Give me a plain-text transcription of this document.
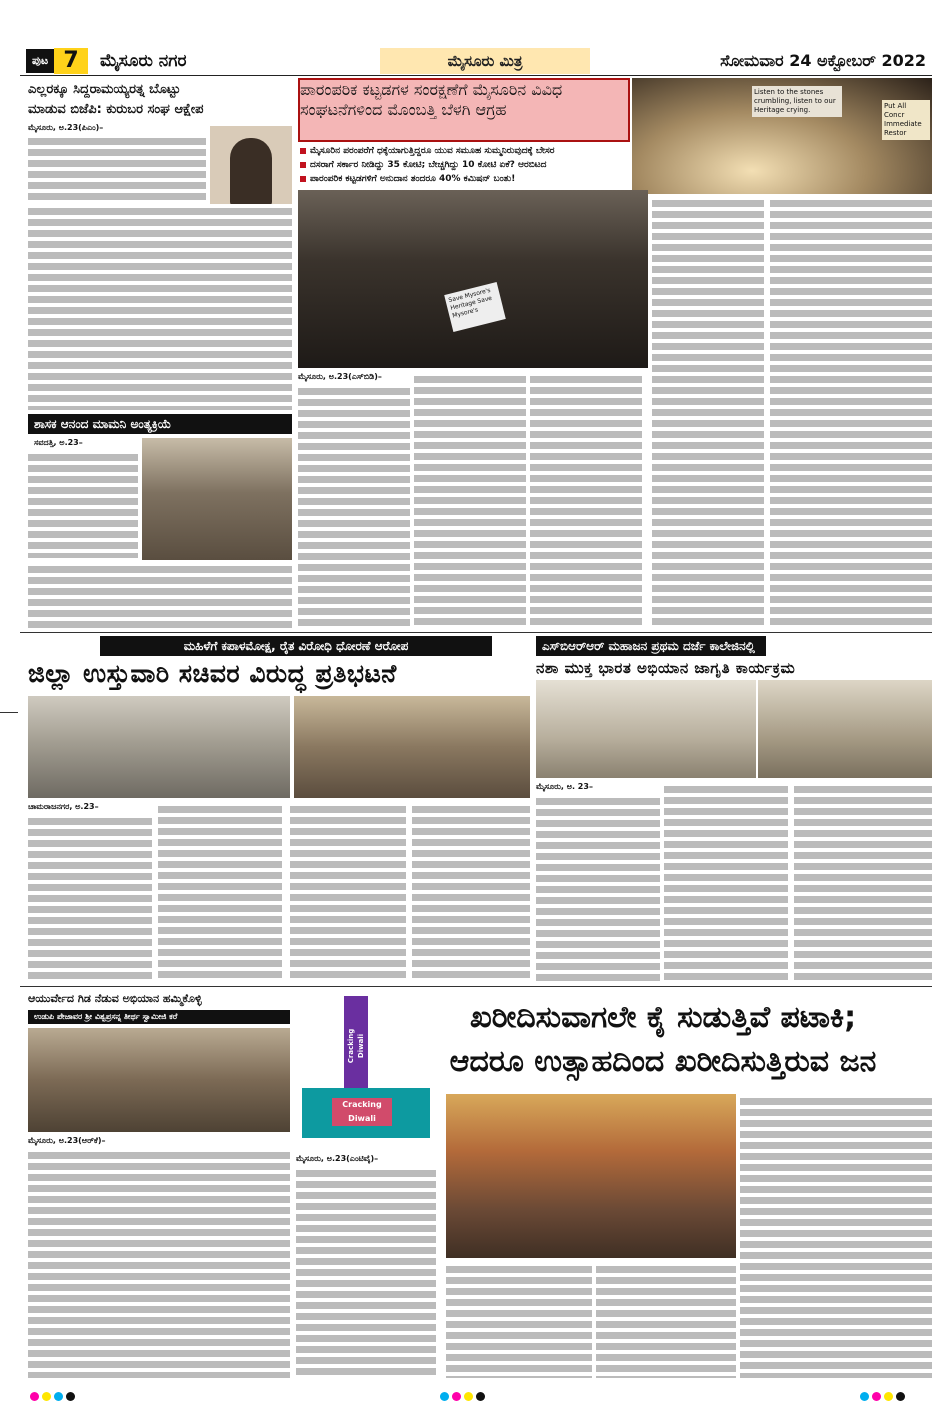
ಪುಟ 7	ಮೈಸೂರು ನಗರ	ಮೈಸೂರು ಮಿತ್ರ	ಸೋಮವಾರ 24 ಅಕ್ಟೋಬರ್ 2022
ಎಲ್ಲರಕ್ಕೂ ಸಿದ್ದರಾಮಯ್ಯರತ್ನ ಬೊಟ್ಟು
ಮಾಡುವ ಬಿಜೆಪಿ: ಕುರುಬರ ಸಂಘ ಆಕ್ಷೇಪ
ಮೈಸೂರು, ಅ.23(ಪಿಎಂ)–
ಶಾಸಕ ಆನಂದ ಮಾಮನಿ ಅಂತ್ಯಕ್ರಿಯೆ
ಸವದತ್ತಿ, ಅ.23–
ಪಾರಂಪರಿಕ ಕಟ್ಟಡಗಳ ಸಂರಕ್ಷಣೆಗೆ ಮೈಸೂರಿನ ವಿವಿಧ ಸಂಘಟನೆಗಳಿಂದ ಮೊಂಬತ್ತಿ ಬೆಳಗಿ ಆಗ್ರಹ
Listen to the stones crumbling, listen to our Heritage crying.	Put All Concr Immediate Restor
ಮೈಸೂರಿನ ಪರಂಪರೆಗೆ ಧಕ್ಕೆಯಾಗುತ್ತಿದ್ದರೂ ಯುವ ಸಮೂಹ ಸುಮ್ಮನಿರುವುದಕ್ಕೆ ಬೇಸರ
ದಸರಾಗೆ ಸರ್ಕಾರ ನೀಡಿದ್ದು 35 ಕೋಟಿ; ಬೇಚ್ಚಗಿದ್ದು 10 ಕೋಟಿ ಏಕೆ? ಆರಬಿಟದ
ಪಾರಂಪರಿಕ ಕಟ್ಟಡಗಳಿಗೆ ಅನುದಾನ ತಂದರೂ 40% ಕಮಿಷನ್ ಬಂತು!
Save Mysore's Heritage Save Mysore's
ಮೈಸೂರು, ಅ.23(ಎಸ್‌ಬಿಡಿ)–
ಮಹಿಳೆಗೆ ಕಪಾಳಮೋಕ್ಷ, ರೈತ ವಿರೋಧಿ ಧೋರಣೆ ಆರೋಪ
ಜಿಲ್ಲಾ ಉಸ್ತುವಾರಿ ಸಚಿವರ ವಿರುದ್ಧ ಪ್ರತಿಭಟನೆ
ಚಾಮರಾಜನಗರ, ಅ.23–
ಎಸ್‌ಬಿಆರ್‌ಆರ್ ಮಹಾಜನ ಪ್ರಥಮ ದರ್ಜೆ ಕಾಲೇಜಿನಲ್ಲಿ
ನಶಾ ಮುಕ್ತ ಭಾರತ ಅಭಿಯಾನ ಜಾಗೃತಿ ಕಾರ್ಯಕ್ರಮ
ಮೈಸೂರು, ಅ. 23–
ಆಯುರ್ವೇದ ಗಿಡ ನೆಡುವ ಅಭಿಯಾನ ಹಮ್ಮಿಕೊಳ್ಳಿ
ಉಡುಪಿ ಪೇಜಾವರ ಶ್ರೀ ವಿಶ್ವಪ್ರಸನ್ನ ತೀರ್ಥ ಸ್ವಾಮೀಜಿ ಕರೆ
ಮೈಸೂರು, ಅ.23(ಆರ್‌ಕೆ)–
ಖರೀದಿಸುವಾಗಲೇ ಕೈ ಸುಡುತ್ತಿವೆ ಪಟಾಕಿ;
ಆದರೂ ಉತ್ಸಾಹದಿಂದ ಖರೀದಿಸುತ್ತಿರುವ ಜನ
Cracking Diwali
Cracking Diwali
ಮೈಸೂರು, ಅ.23(ಎಂಟಿವೈ)–
